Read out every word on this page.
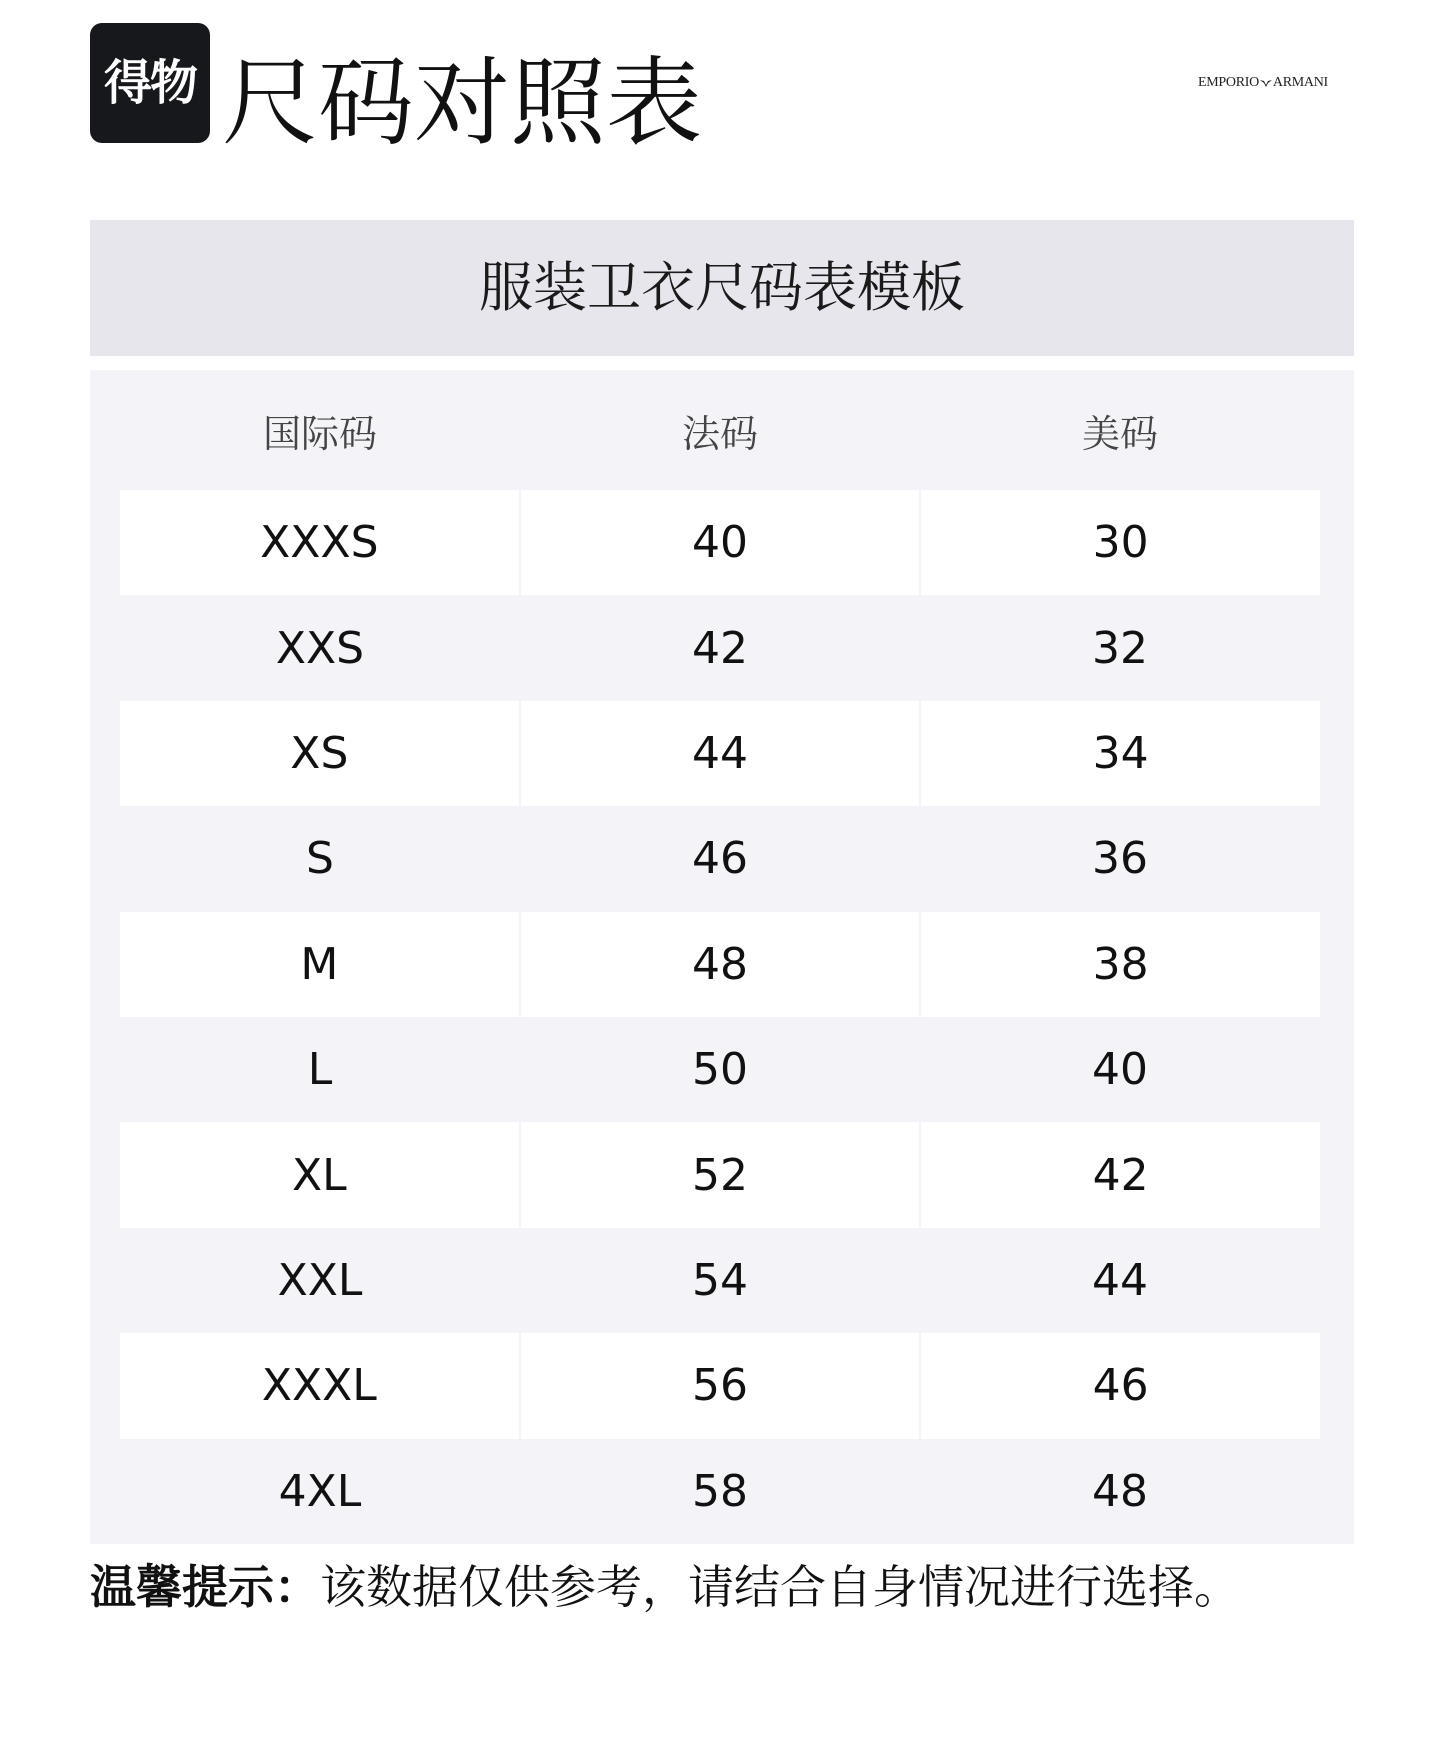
得物 尺码对照表	EMPORIO ARMANI
服装卫衣尺码表模板
国际码	法码	美码
XXXS	40	30
XXS	42	32
XS	44	34
S	46	36
M	48	38
L	50	40
XL	52	42
XXL	54	44
XXXL	56	46
4XL	58	48
温馨提示：该数据仅供参考，请结合自身情况进行选择。
